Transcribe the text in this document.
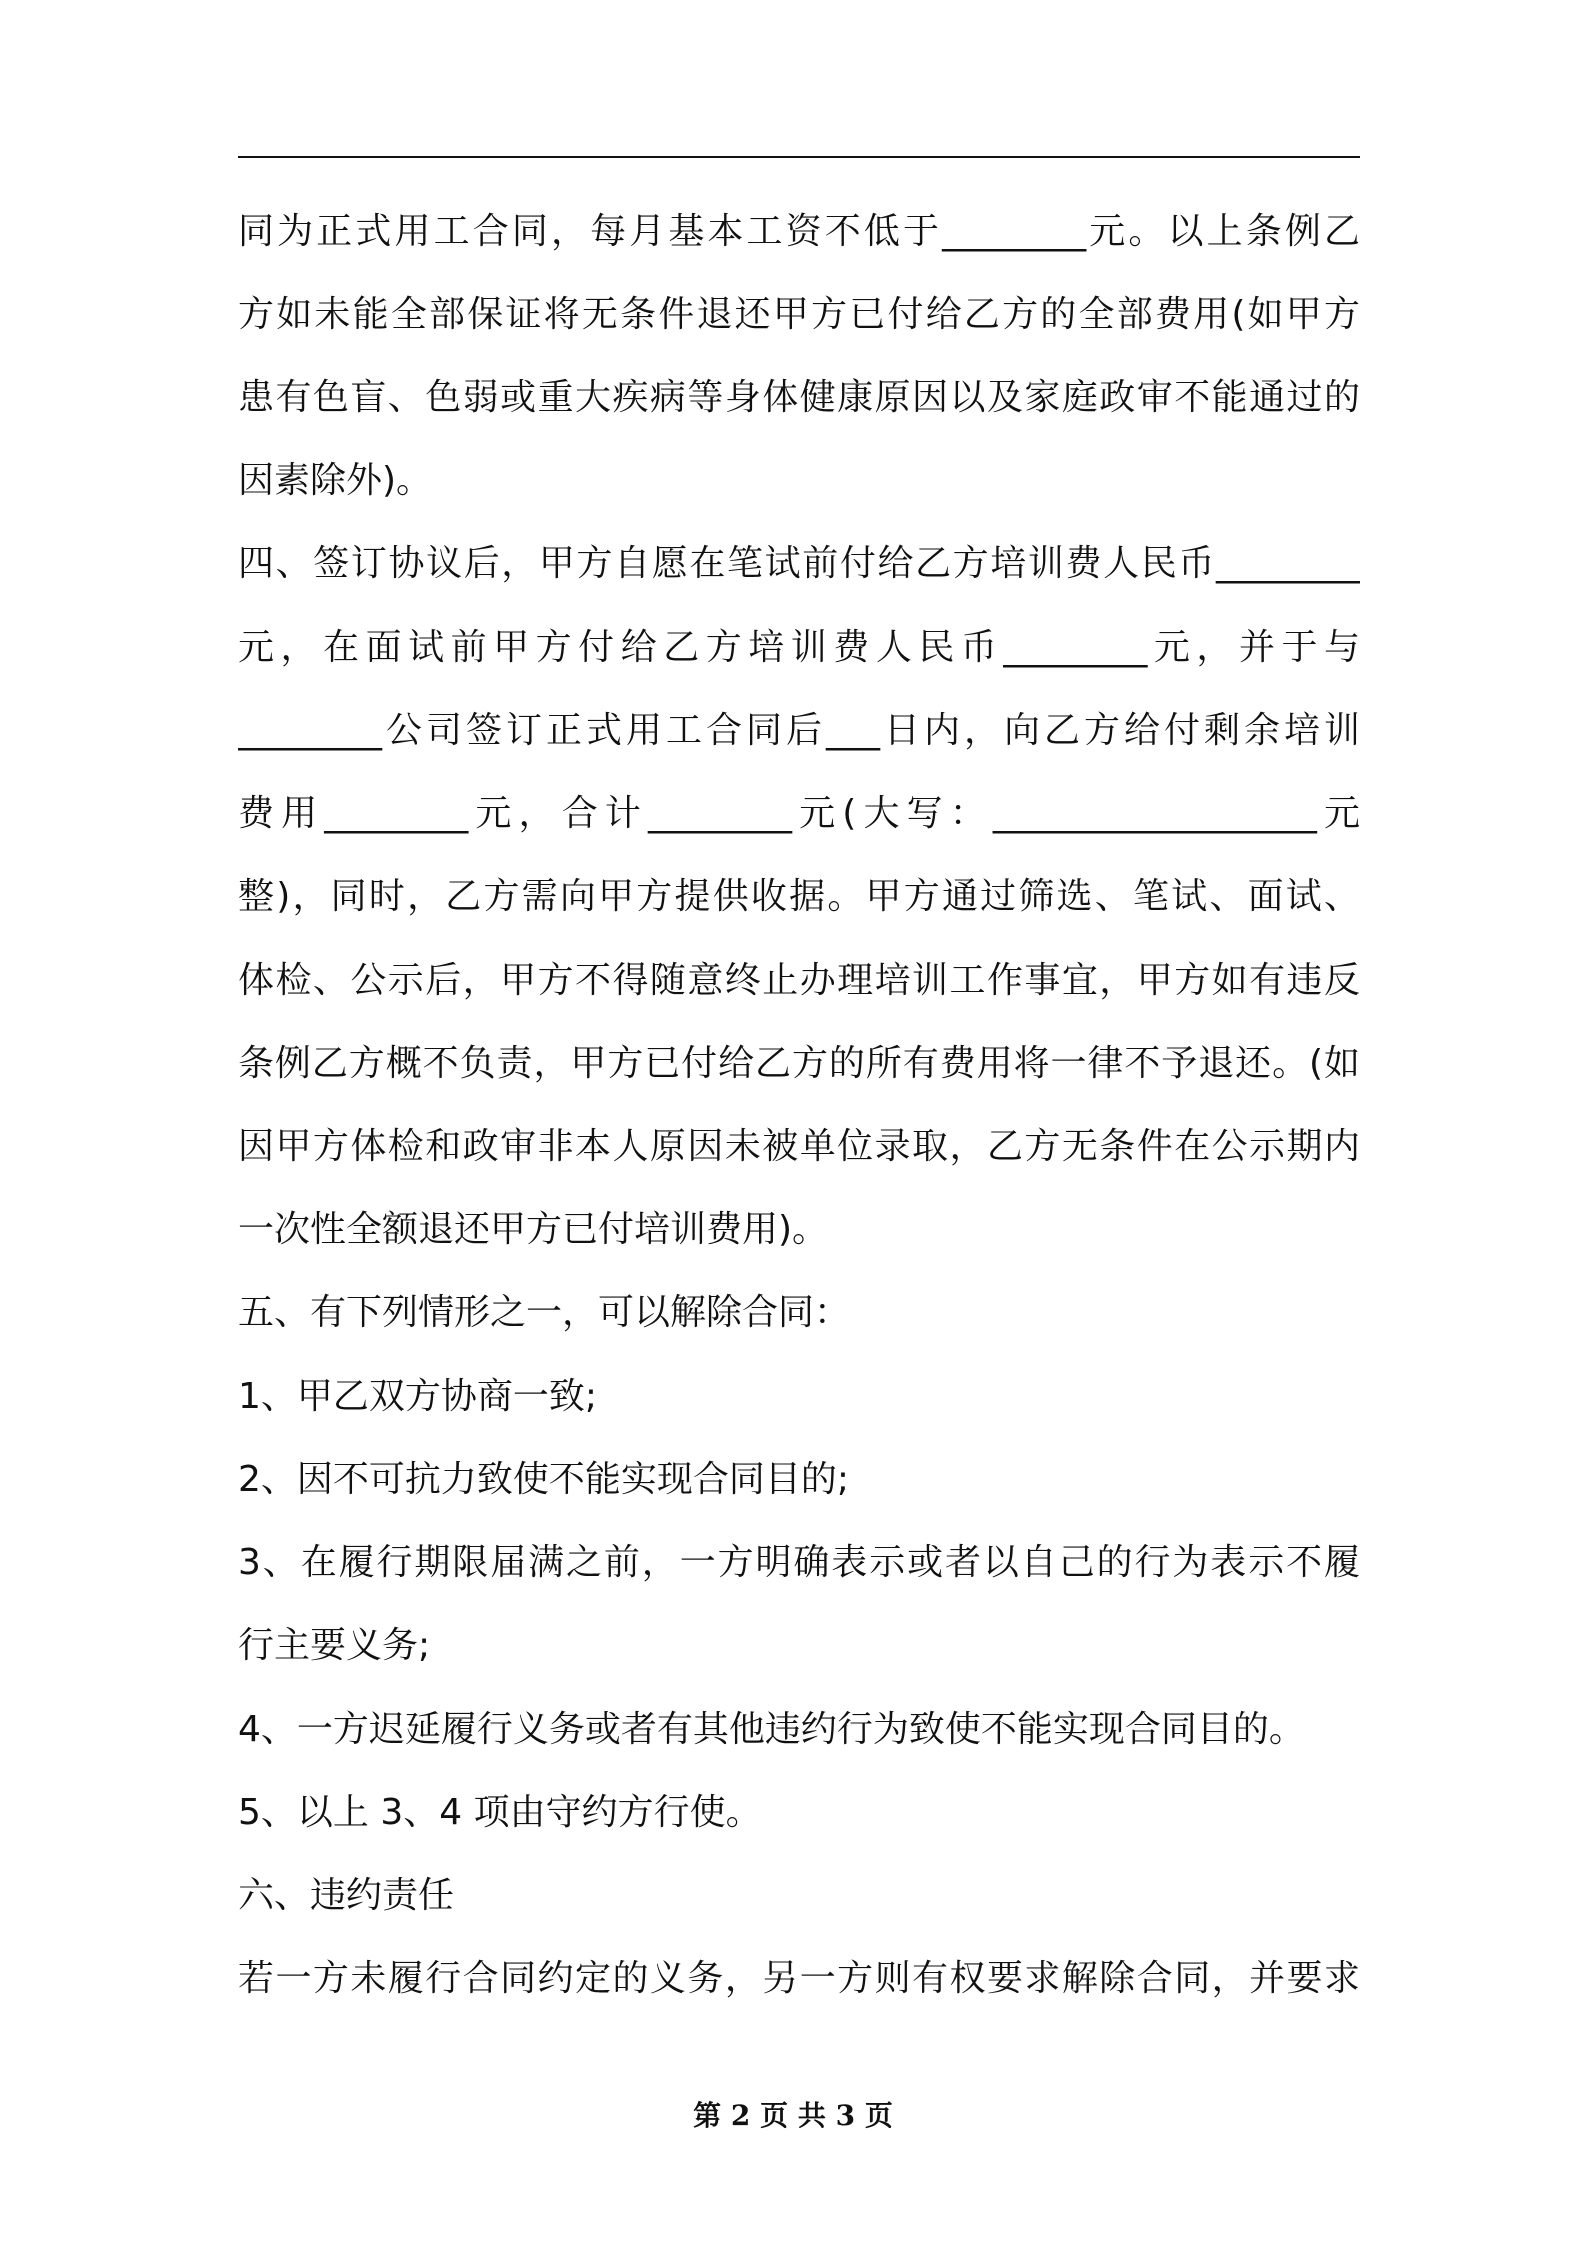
同为正式用工合同，每月基本工资不低于________元。以上条例乙
方如未能全部保证将无条件退还甲方已付给乙方的全部费用(如甲方
患有色盲、色弱或重大疾病等身体健康原因以及家庭政审不能通过的
因素除外)。
四、签订协议后，甲方自愿在笔试前付给乙方培训费人民币________
元，在面试前甲方付给乙方培训费人民币________元，并于与
________公司签订正式用工合同后___日内，向乙方给付剩余培训
费用________元，合计________元(大写：__________________元
整)，同时，乙方需向甲方提供收据。甲方通过筛选、笔试、面试、
体检、公示后，甲方不得随意终止办理培训工作事宜，甲方如有违反
条例乙方概不负责，甲方已付给乙方的所有费用将一律不予退还。(如
因甲方体检和政审非本人原因未被单位录取，乙方无条件在公示期内
一次性全额退还甲方已付培训费用)。
五、有下列情形之一，可以解除合同：
1、甲乙双方协商一致;
2、因不可抗力致使不能实现合同目的;
3、在履行期限届满之前，一方明确表示或者以自己的行为表示不履
行主要义务;
4、一方迟延履行义务或者有其他违约行为致使不能实现合同目的。
5、以上 3、4 项由守约方行使。
六、违约责任
若一方未履行合同约定的义务，另一方则有权要求解除合同，并要求
第 2 页 共 3 页
